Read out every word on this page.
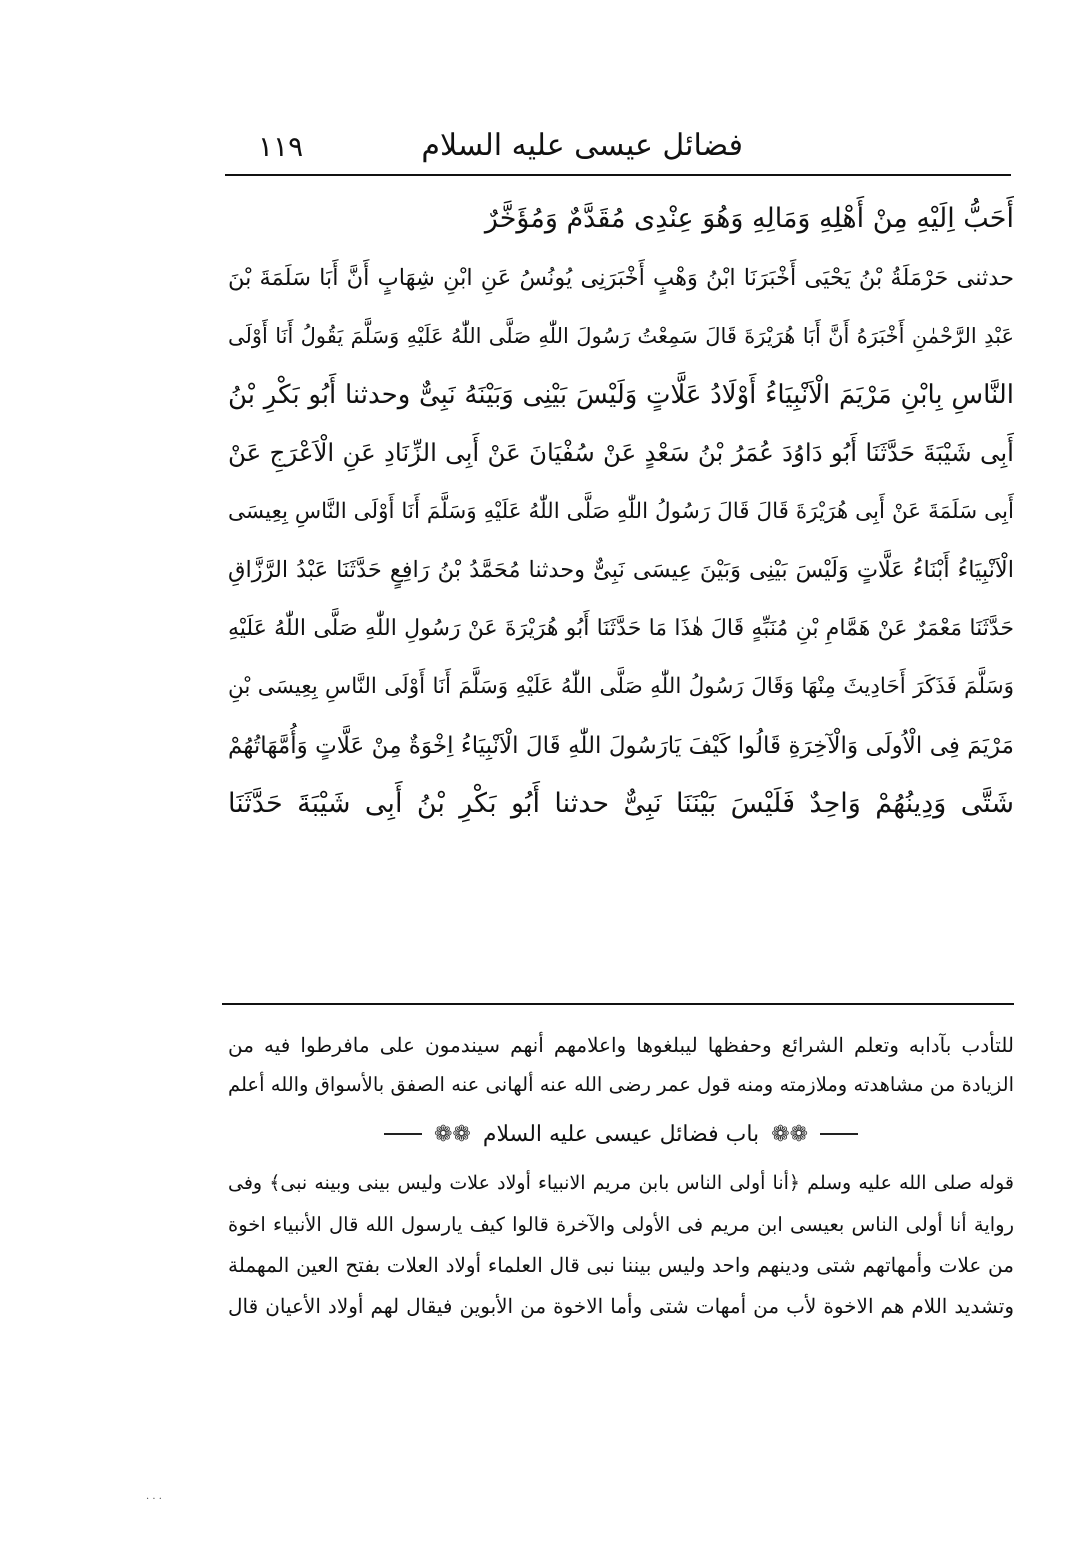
فضائل عيسى عليه السلام
١١٩
أَحَبُّ اِلَيْهِ مِنْ أَهْلِهِ وَمَالِهِ وَهُوَ عِنْدِى مُقَدَّمٌ وَمُؤَخَّرٌ
حدثنى حَرْمَلَةُ بْنُ يَحْيَى أَخْبَرَنَا ابْنُ وَهْبٍ أَخْبَرَنِى يُونُسُ عَنِ ابْنِ شِهَابٍ أَنَّ أَبَا سَلَمَةَ بْنَ
عَبْدِ الرَّحْمٰنِ أَخْبَرَهُ أَنَّ أَبَا هُرَيْرَةَ قَالَ سَمِعْتُ رَسُولَ اللّٰهِ صَلَّى اللّٰهُ عَلَيْهِ وَسَلَّمَ يَقُولُ أَنَا أَوْلَى
النَّاسِ بِابْنِ مَرْيَمَ الْاَنْبِيَاءُ أَوْلَادُ عَلَّاتٍ وَلَيْسَ بَيْنِى وَبَيْنَهُ نَبِىٌّ وحدثنا أَبُو بَكْرِ بْنُ
أَبِى شَيْبَةَ حَدَّثَنَا أَبُو دَاوُدَ عُمَرُ بْنُ سَعْدٍ عَنْ سُفْيَانَ عَنْ أَبِى الزِّنَادِ عَنِ الْاَعْرَجِ عَنْ
أَبِى سَلَمَةَ عَنْ أَبِى هُرَيْرَةَ قَالَ قَالَ رَسُولُ اللّٰهِ صَلَّى اللّٰهُ عَلَيْهِ وَسَلَّمَ أَنَا أَوْلَى النَّاسِ بِعِيسَى
الْاَنْبِيَاءُ أَبْنَاءُ عَلَّاتٍ وَلَيْسَ بَيْنِى وَبَيْنَ عِيسَى نَبِىٌّ وحدثنا مُحَمَّدُ بْنُ رَافِعٍ حَدَّثَنَا عَبْدُ الرَّزَّاقِ
حَدَّثَنَا مَعْمَرٌ عَنْ هَمَّامِ بْنِ مُنَبِّهٍ قَالَ هٰذَا مَا حَدَّثَنَا أَبُو هُرَيْرَةَ عَنْ رَسُولِ اللّٰهِ صَلَّى اللّٰهُ عَلَيْهِ
وَسَلَّمَ فَذَكَرَ أَحَادِيثَ مِنْهَا وَقَالَ رَسُولُ اللّٰهِ صَلَّى اللّٰهُ عَلَيْهِ وَسَلَّمَ أَنَا أَوْلَى النَّاسِ بِعِيسَى بْنِ
مَرْيَمَ فِى الْاُولَى وَالْآخِرَةِ قَالُوا كَيْفَ يَارَسُولَ اللّٰهِ قَالَ الْاَنْبِيَاءُ اِخْوَةٌ مِنْ عَلَّاتٍ وَأُمَّهَاتُهُمْ
شَتَّى وَدِينُهُمْ وَاحِدٌ فَلَيْسَ بَيْنَنَا نَبِىٌّ حدثنا أَبُو بَكْرِ بْنُ أَبِى شَيْبَةَ حَدَّثَنَا
للتأدب بآدابه وتعلم الشرائع وحفظها ليبلغوها واعلامهم أنهم سيندمون على مافرطوا فيه من
الزيادة من مشاهدته وملازمته ومنه قول عمر رضى الله عنه ألهانى عنه الصفق بالأسواق والله أعلم
❁❁
باب فضائل عيسى عليه السلام
❁❁
قوله صلى الله عليه وسلم ﴿أنا أولى الناس بابن مريم الانبياء أولاد علات وليس بينى وبينه نبى﴾ وفى
رواية أنا أولى الناس بعيسى ابن مريم فى الأولى والآخرة قالوا كيف يارسول الله قال الأنبياء اخوة
من علات وأمهاتهم شتى ودينهم واحد وليس بيننا نبى قال العلماء أولاد العلات بفتح العين المهملة
وتشديد اللام هم الاخوة لأب من أمهات شتى وأما الاخوة من الأبوين فيقال لهم أولاد الأعيان قال
· · ·
